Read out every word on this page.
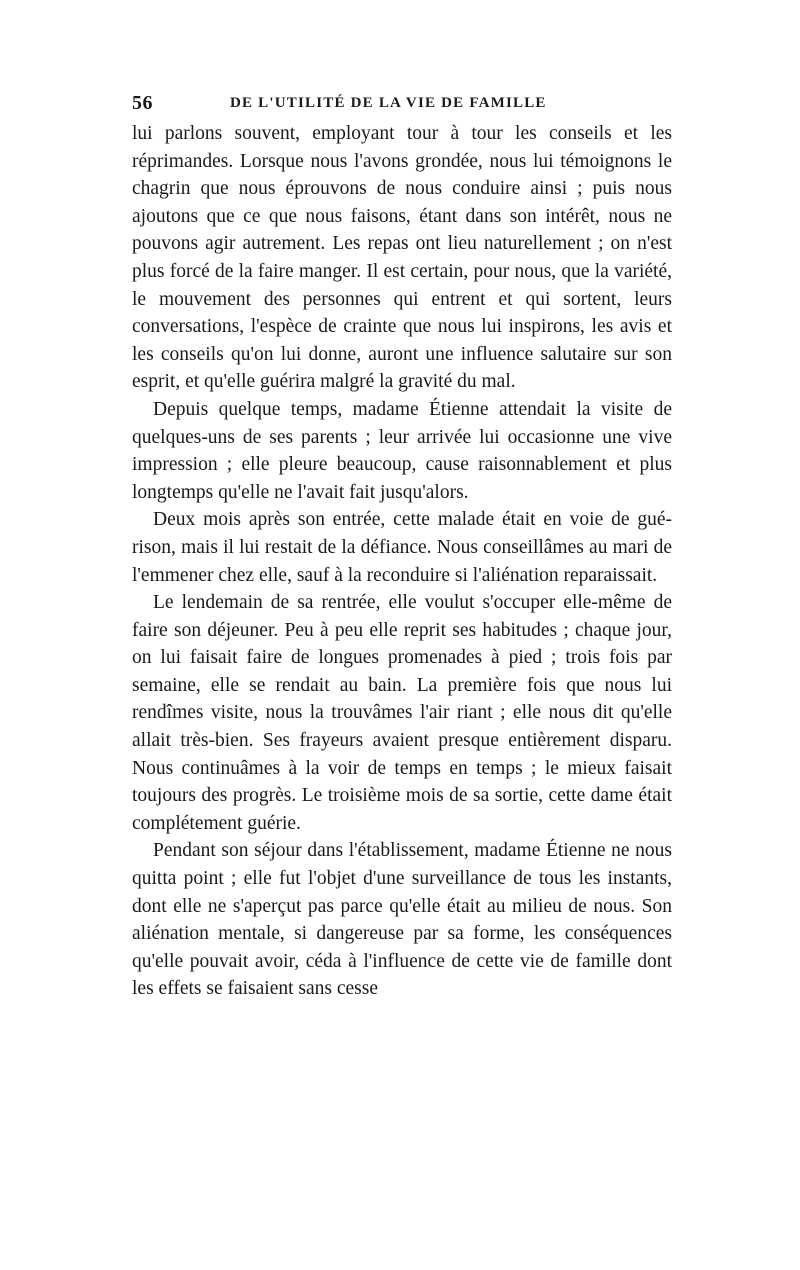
56	DE L'UTILITÉ DE LA VIE DE FAMILLE

lui parlons souvent, employant tour à tour les conseils et les réprimandes. Lorsque nous l'avons grondée, nous lui témoignons le chagrin que nous éprouvons de nous conduire ainsi ; puis nous ajoutons que ce que nous faisons, étant dans son intérêt, nous ne pouvons agir autrement. Les repas ont lieu naturellement ; on n'est plus forcé de la faire manger. Il est certain, pour nous, que la variété, le mouvement des personnes qui entrent et qui sortent, leurs conversations, l'espèce de crainte que nous lui inspirons, les avis et les conseils qu'on lui donne, auront une influence salutaire sur son esprit, et qu'elle guérira malgré la gravité du mal.

Depuis quelque temps, madame Étienne attendait la visite de quelques-uns de ses parents ; leur arrivée lui occasionne une vive impression ; elle pleure beaucoup, cause raisonnablement et plus longtemps qu'elle ne l'avait fait jusqu'alors.

Deux mois après son entrée, cette malade était en voie de guérison, mais il lui restait de la défiance. Nous conseillâmes au mari de l'emmener chez elle, sauf à la reconduire si l'aliénation reparaissait.

Le lendemain de sa rentrée, elle voulut s'occuper elle-même de faire son déjeuner. Peu à peu elle reprit ses habitudes ; chaque jour, on lui faisait faire de longues promenades à pied ; trois fois par semaine, elle se rendait au bain. La première fois que nous lui rendîmes visite, nous la trouvâmes l'air riant ; elle nous dit qu'elle allait très-bien. Ses frayeurs avaient presque entièrement disparu. Nous continuâmes à la voir de temps en temps ; le mieux faisait toujours des progrès. Le troisième mois de sa sortie, cette dame était complétement guérie.

Pendant son séjour dans l'établissement, madame Étienne ne nous quitta point ; elle fut l'objet d'une surveillance de tous les instants, dont elle ne s'aperçut pas parce qu'elle était au milieu de nous. Son aliénation mentale, si dangereuse par sa forme, les conséquences qu'elle pouvait avoir, céda à l'influence de cette vie de famille dont les effets se faisaient sans cesse
